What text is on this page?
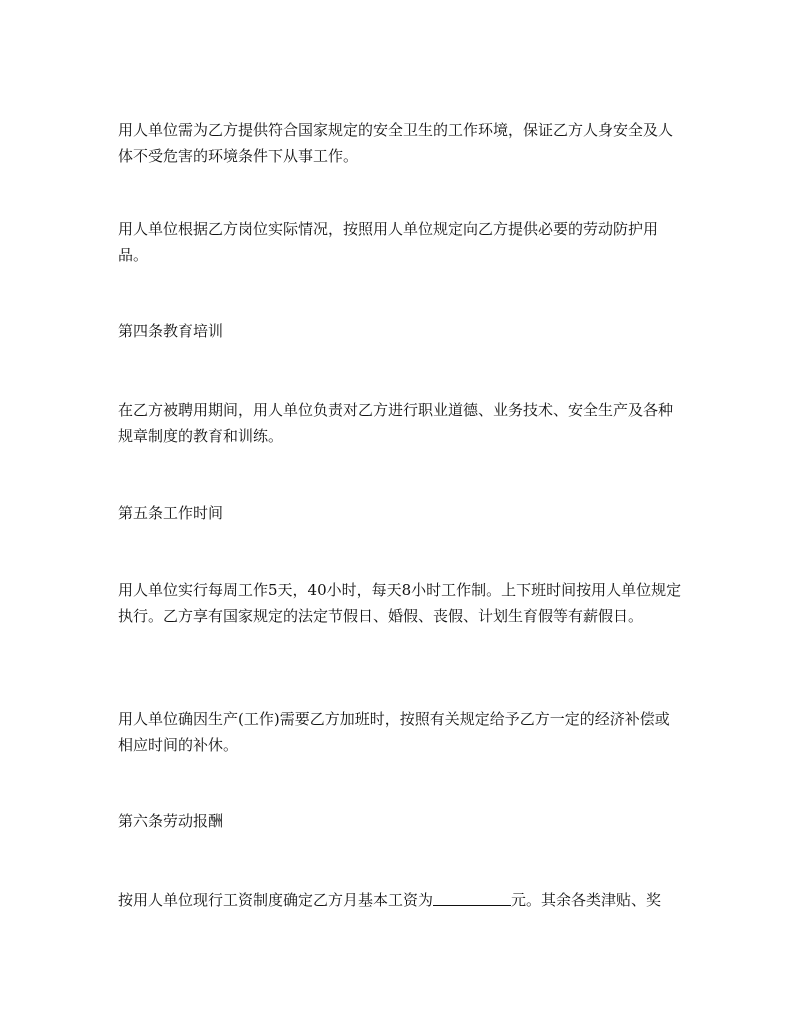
用人单位需为乙方提供符合国家规定的安全卫生的工作环境，保证乙方人身安全及人体不受危害的环境条件下从事工作。

用人单位根据乙方岗位实际情况，按照用人单位规定向乙方提供必要的劳动防护用品。

第四条教育培训

在乙方被聘用期间，用人单位负责对乙方进行职业道德、业务技术、安全生产及各种规章制度的教育和训练。

第五条工作时间

用人单位实行每周工作5天，40小时，每天8小时工作制。上下班时间按用人单位规定执行。乙方享有国家规定的法定节假日、婚假、丧假、计划生育假等有薪假日。

用人单位确因生产(工作)需要乙方加班时，按照有关规定给予乙方一定的经济补偿或相应时间的补休。

第六条劳动报酬

按用人单位现行工资制度确定乙方月基本工资为	元。其余各类津贴、奖
